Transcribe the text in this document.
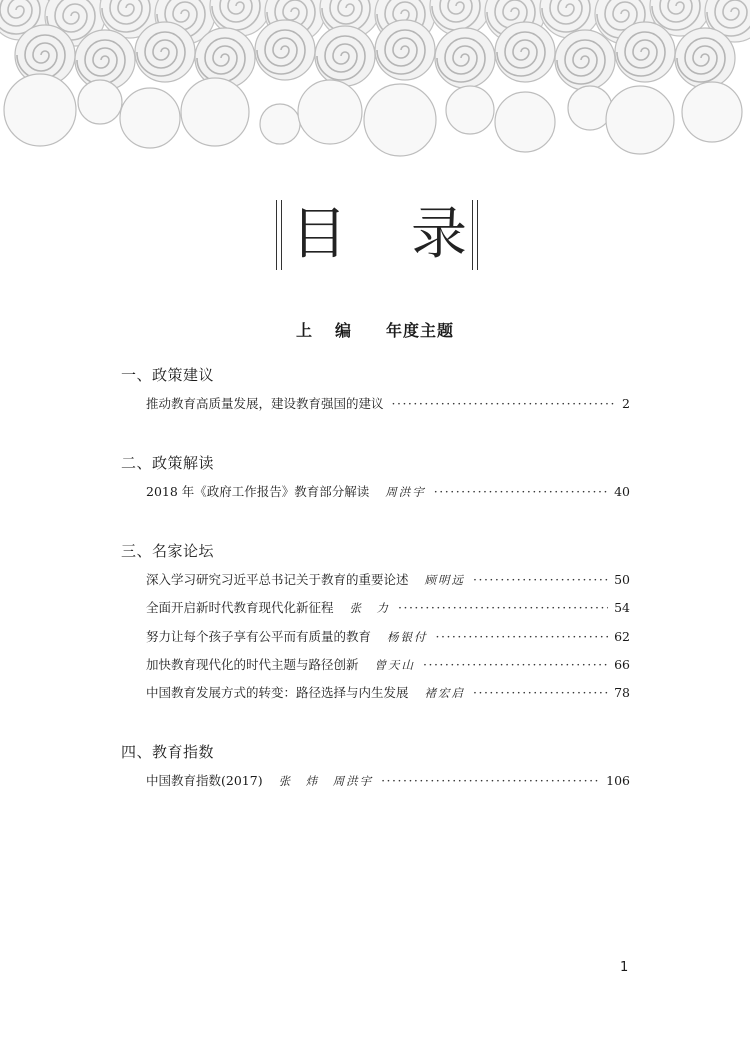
目 录
上 编 年度主题
一、政策建议
推动教育高质量发展，建设教育强国的建议 ·····	2
二、政策解读
2018 年《政府工作报告》教育部分解读 周洪宇 ·····	40
三、名家论坛
深入学习研究习近平总书记关于教育的重要论述 顾明远 ·····	50
全面开启新时代教育现代化新征程 张　力 ·····	54
努力让每个孩子享有公平而有质量的教育 杨银付 ·····	62
加快教育现代化的时代主题与路径创新 曾天山 ·····	66
中国教育发展方式的转变：路径选择与内生发展 褚宏启 ·····	78
四、教育指数
中国教育指数(2017) 张　炜　周洪宇 ·····	106
1
